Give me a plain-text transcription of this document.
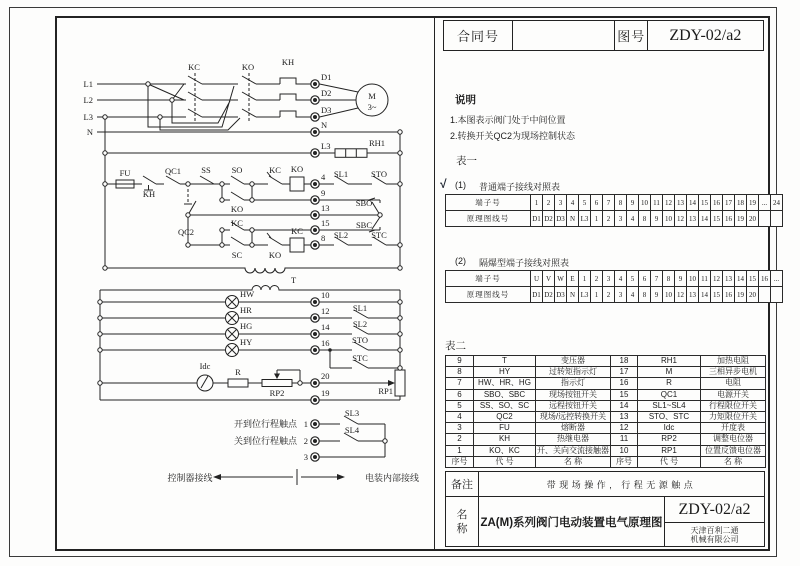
L1
L2
L3
N
KC	KO	KH
D1
D2
D3
M
3~
N
L3	RH1
FU
KH
QC1 SS SO	KC KO
KO
QC2
KC
SC	KO
KC
4
9
13
15
8
SL1	STO
SBO
SBC
SL2	STC
T
HW
HR
HG
HY
10
12
14
16
SL1
SL2
STO
STC
Idc
R
RP2
20
RP1
19
开到位行程触点 1
SL3
关到位行程触点 2
SL4
3
控制器接线	电装内部接线
合同号	图号	ZDY-02/a2
说明
1.本图表示阀门处于中间位置
2.转换开关QC2为现场控制状态
表一
√ (1) 普通端子接线对照表
端子号	1	2	3	4	5	6	7	8	9	10	11	12	13	14	15	16	17	18	19	...	24
原理图线号	D1	D2	D3	N	L3	1	2	3	4	8	9	10	12	13	14	15	16	19	20		
(2) 隔爆型端子接线对照表
端子号	U	V	W	E	1	2	3	4	5	6	7	8	9	10	11	12	13	14	15	16	...
原理图线号	D1	D2	D3	N	L3	1	2	3	4	8	9	10	12	13	14	15	16	19	20		
表二
9	T	变压器	18	RH1	加热电阻
8	HY	过转矩指示灯	17	M	三相异步电机
7	HW、HR、HG	指示灯	16	R	电阻
6	SBO、SBC	现场按钮开关	15	QC1	电源开关
5	SS、SO、SC	远程按钮开关	14	SL1~SL4	行程限位开关
4	QC2	现场/远控转换开关	13	STO、STC	力矩限位开关
3	FU	熔断器	12	Idc	开度表
2	KH	热继电器	11	RP2	调整电位器
1	KO、KC	开、关向交流接触器	10	RP1	位置反馈电位器
序号	代 号	名 称	序号	代 号	名 称
备注	带现场操作, 行程无源触点
名
称 ZA(M)系列阀门电动装置电气原理图
ZDY-02/a2
天津百利二通
机械有限公司
